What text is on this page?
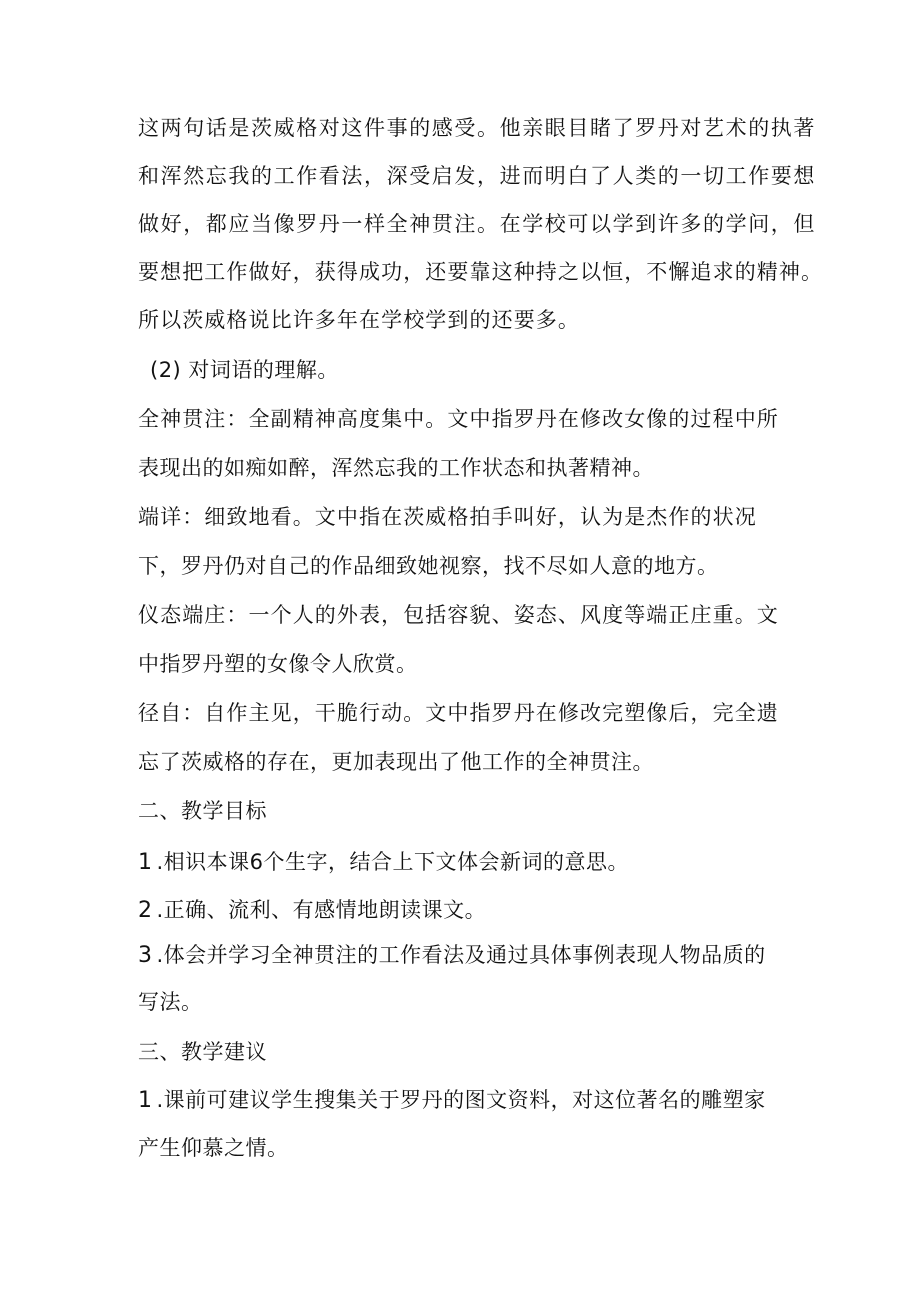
这两句话是茨威格对这件事的感受。他亲眼目睹了罗丹对艺术的执著
和浑然忘我的工作看法，深受启发，进而明白了人类的一切工作要想
做好，都应当像罗丹一样全神贯注。在学校可以学到许多的学问，但
要想把工作做好，获得成功，还要靠这种持之以恒，不懈追求的精神。
所以茨威格说比许多年在学校学到的还要多。
(2) 对词语的理解。
全神贯注：全副精神高度集中。文中指罗丹在修改女像的过程中所
表现出的如痴如醉，浑然忘我的工作状态和执著精神。
端详：细致地看。文中指在茨威格拍手叫好，认为是杰作的状况
下，罗丹仍对自己的作品细致她视察，找不尽如人意的地方。
仪态端庄：一个人的外表，包括容貌、姿态、风度等端正庄重。文
中指罗丹塑的女像令人欣赏。
径自：自作主见，干脆行动。文中指罗丹在修改完塑像后，完全遗
忘了茨威格的存在，更加表现出了他工作的全神贯注。
二、教学目标
1 .相识本课6个生字，结合上下文体会新词的意思。
2 .正确、流利、有感情地朗读课文。
3 .体会并学习全神贯注的工作看法及通过具体事例表现人物品质的
写法。
三、教学建议
1 .课前可建议学生搜集关于罗丹的图文资料，对这位著名的雕塑家
产生仰慕之情。
